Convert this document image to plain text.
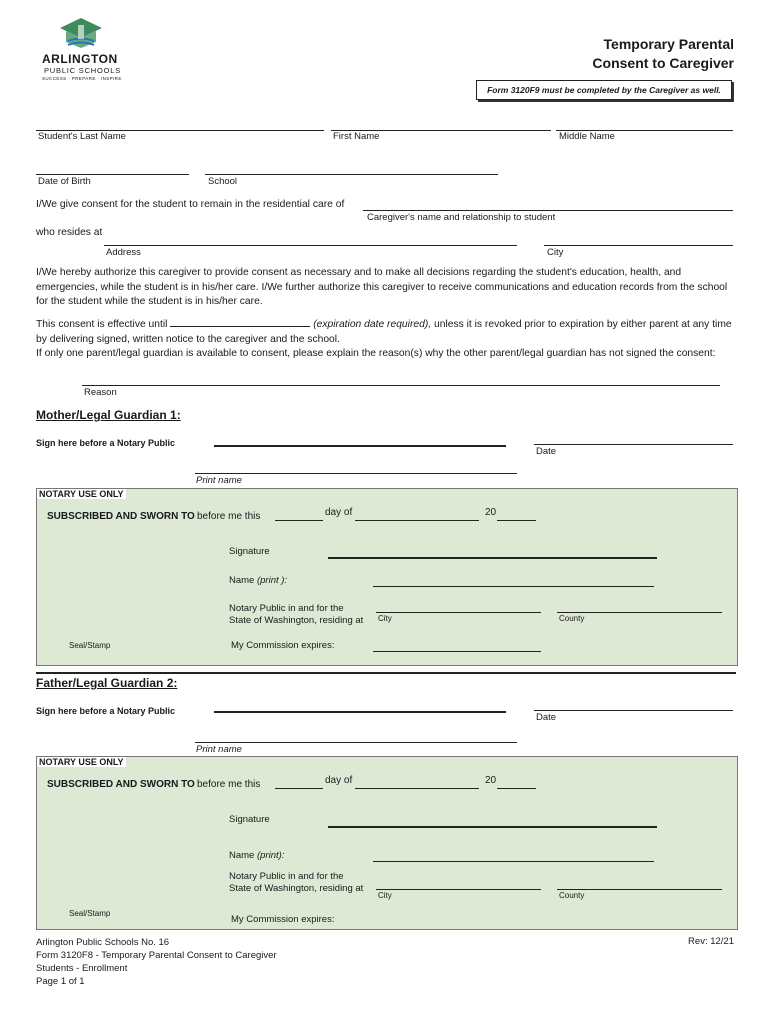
ARLINGTON
PUBLIC SCHOOLS
SUCCESS · PREPARE · INSPIRE
Temporary Parental
Consent to Caregiver
Form 3120F9 must be completed by the Caregiver as well.
Student's Last Name	First Name	Middle Name
Date of Birth	School
I/We give consent for the student to remain in the residential care of
Caregiver's name and relationship to student
who resides at
Address	City
I/We hereby authorize this caregiver to provide consent as necessary and to make all decisions regarding the student's education, health, and emergencies, while the student is in his/her care. I/We further authorize this caregiver to receive communications and education records from the school for the student while the student is in his/her care.
This consent is effective until	(expiration date required), unless it is revoked prior to expiration by either parent at any time by delivering signed, written notice to the caregiver and the school.
If only one parent/legal guardian is available to consent, please explain the reason(s) why the other parent/legal guardian has not signed the consent:
Reason
Mother/Legal Guardian 1:
Sign here before a Notary Public
Date
Print name
NOTARY USE ONLY
SUBSCRIBED AND SWORN TO before me this	day of	20
Signature
Name (print ):
Notary Public in and for the
State of Washington, residing at City	County
Seal/Stamp	My Commission expires:
Father/Legal Guardian 2:
Sign here before a Notary Public
Date
Print name
NOTARY USE ONLY
SUBSCRIBED AND SWORN TO before me this	day of	20
Signature
Name (print):
Notary Public in and for the
State of Washington, residing at
City	County
Seal/Stamp
My Commission expires:
Arlington Public Schools No. 16
Form 3120F8 - Temporary Parental Consent to Caregiver
Students - Enrollment
Page 1 of 1
Rev: 12/21
